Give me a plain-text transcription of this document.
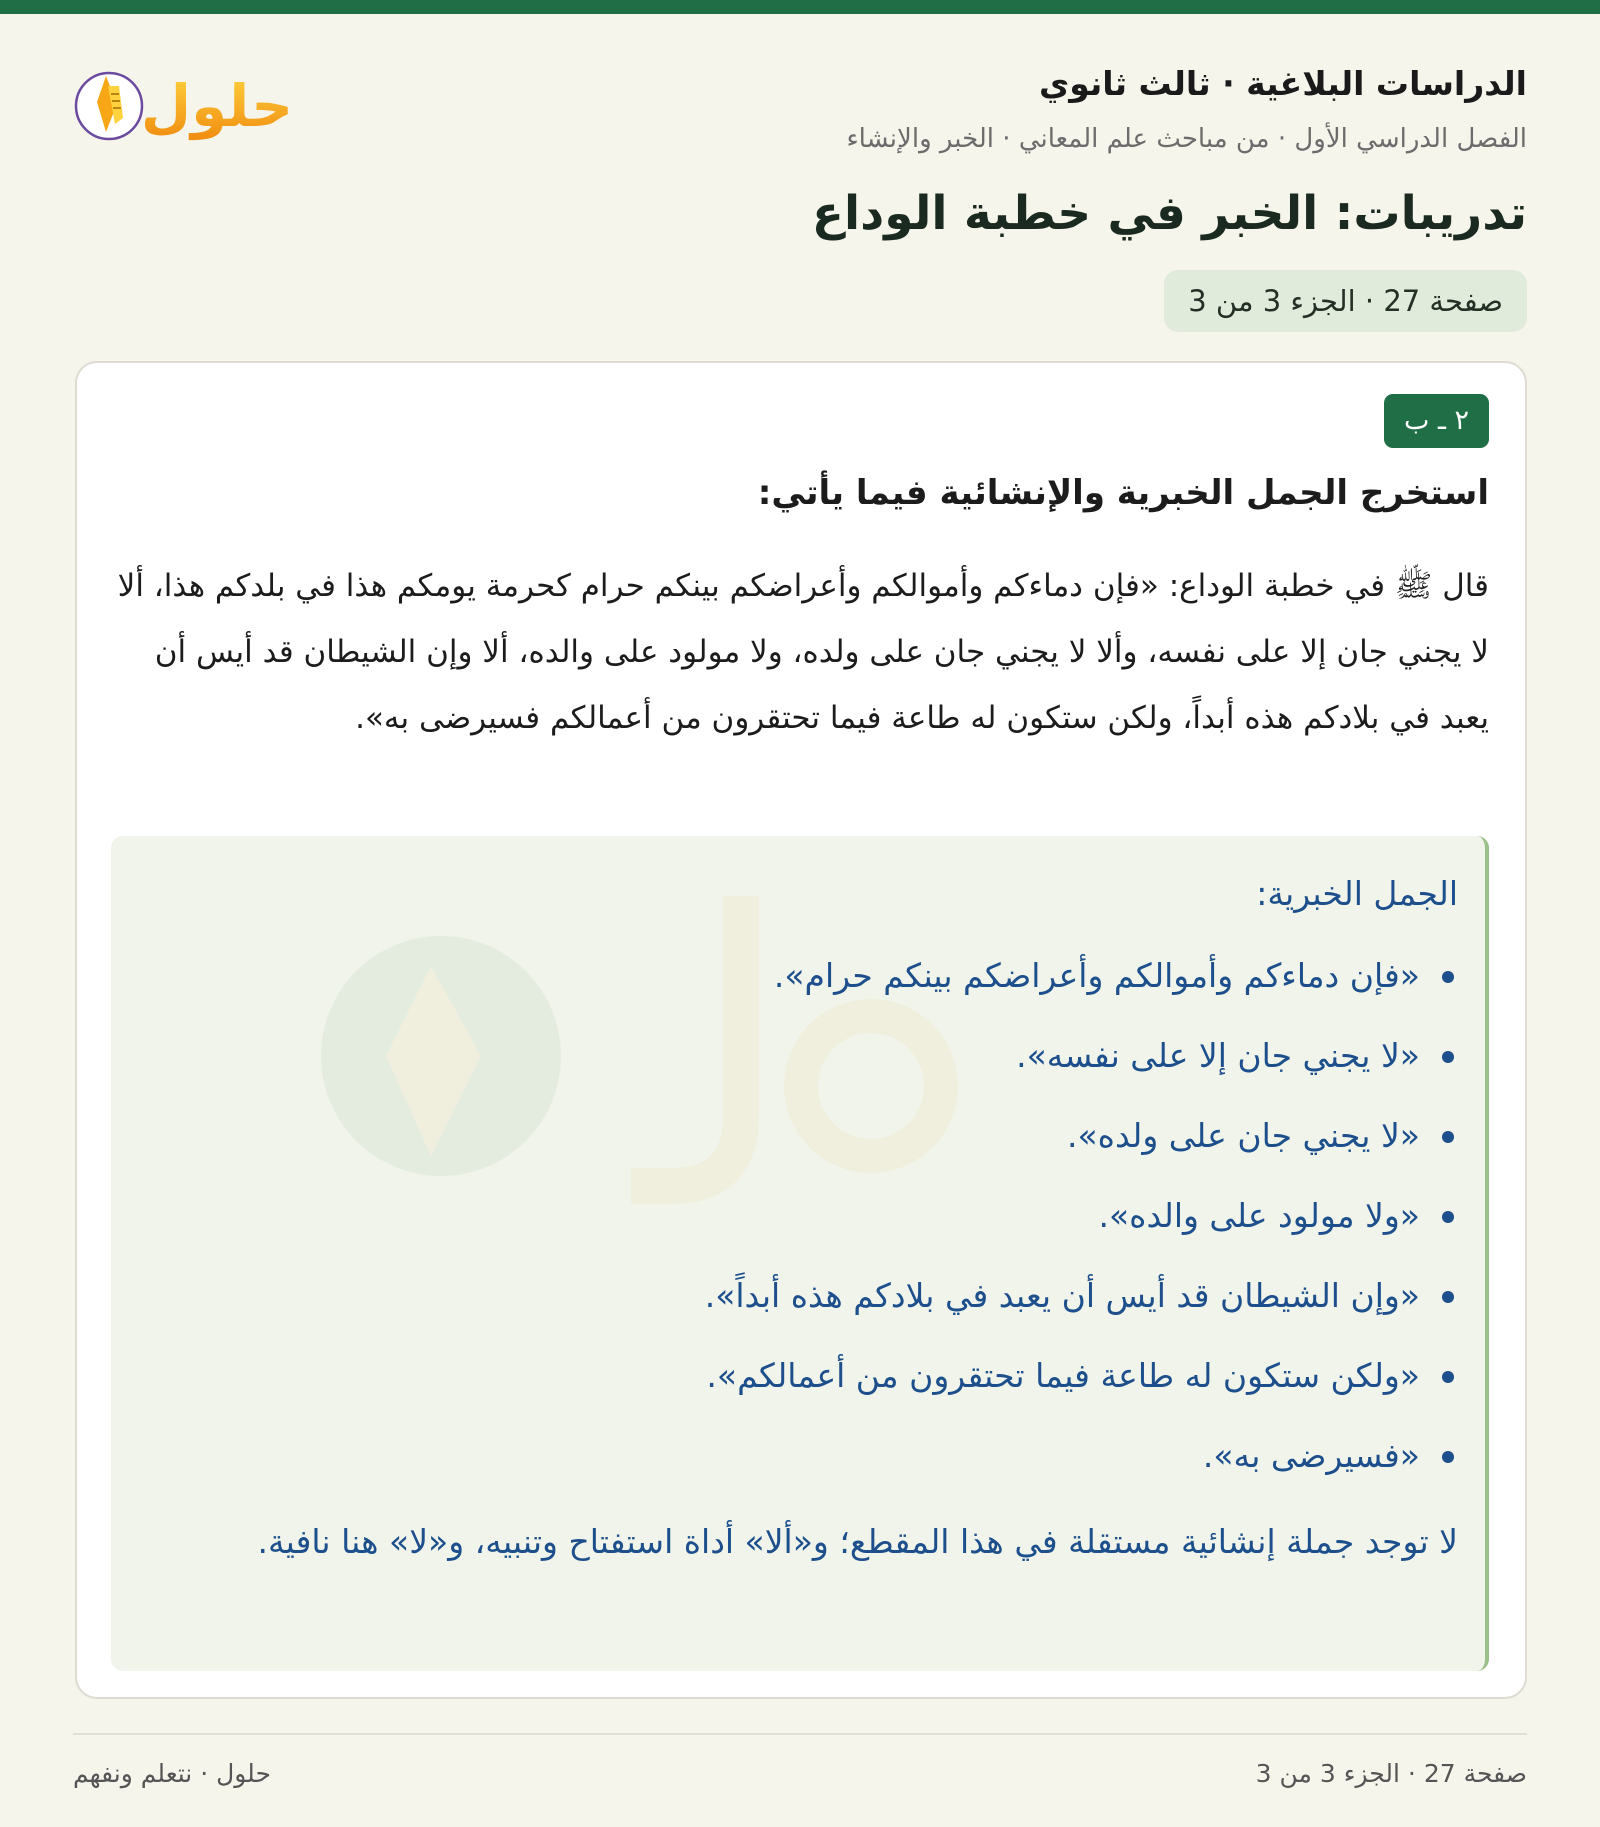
الدراسات البلاغية · ثالث ثانوي
الفصل الدراسي الأول · من مباحث علم المعاني · الخبر والإنشاء
حلول
تدريبات: الخبر في خطبة الوداع
صفحة 27 · الجزء 3 من 3
٢ ـ ب
استخرج الجمل الخبرية والإنشائية فيما يأتي:

قال ﷺ في خطبة الوداع: «فإن دماءكم وأموالكم وأعراضكم بينكم حرام كحرمة يومكم هذا في بلدكم هذا، ألا لا يجني جان إلا على نفسه، وألا لا يجني جان على ولده، ولا مولود على والده، ألا وإن الشيطان قد أيس أن يعبد في بلادكم هذه أبداً، ولكن ستكون له طاعة فيما تحتقرون من أعمالكم فسيرضى به».

الجمل الخبرية:
«فإن دماءكم وأموالكم وأعراضكم بينكم حرام».
«لا يجني جان إلا على نفسه».
«لا يجني جان على ولده».
«ولا مولود على والده».
«وإن الشيطان قد أيس أن يعبد في بلادكم هذه أبداً».
«ولكن ستكون له طاعة فيما تحتقرون من أعمالكم».
«فسيرضى به».

لا توجد جملة إنشائية مستقلة في هذا المقطع؛ و«ألا» أداة استفتاح وتنبيه، و«لا» هنا نافية.

صفحة 27 · الجزء 3 من 3
حلول · نتعلم ونفهم
